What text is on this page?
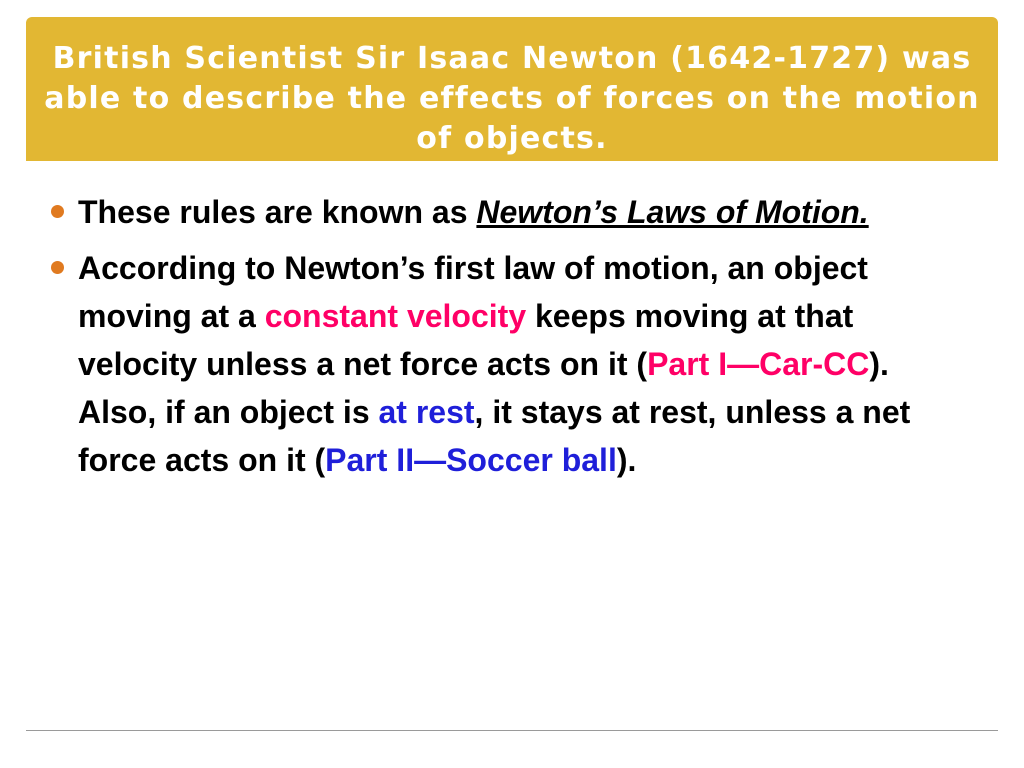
British Scientist Sir Isaac Newton (1642-1727) was able to describe the effects of forces on the motion of objects.

These rules are known as Newton’s Laws of Motion.
According to Newton’s first law of motion, an object moving at a constant velocity keeps moving at that velocity unless a net force acts on it (Part I—Car-CC). Also, if an object is at rest, it stays at rest, unless a net force acts on it (Part II—Soccer ball).
